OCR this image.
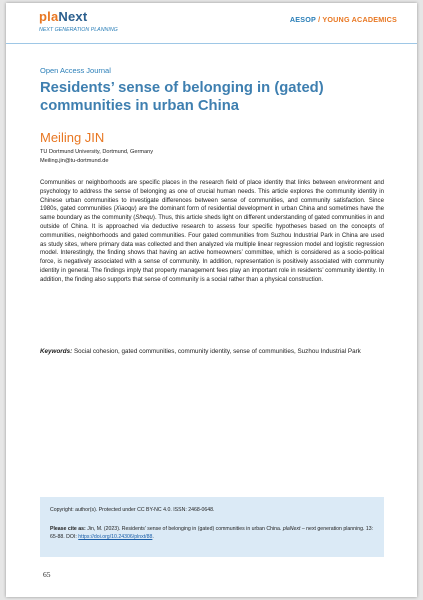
plaNext
NEXT GENERATION PLANNING
AESOP / YOUNG ACADEMICS
Open Access Journal
Residents’ sense of belonging in (gated)
communities in urban China
Meiling JIN
TU Dortmund University, Dortmund, Germany
Meiling.jin@tu-dortmund.de
Communities or neighborhoods are specific places in the research field of place identity that links between environment and psychology to address the sense of belonging as one of crucial human needs. This article explores the community identity in Chinese urban communities to investigate differences between sense of communities, and community satisfaction. Since 1980s, gated communities (Xiaoqu) are the dominant form of residential development in urban China and sometimes have the same boundary as the community (Shequ). Thus, this article sheds light on different understanding of gated communities in and outside of China. It is approached via deductive research to assess four specific hypotheses based on the concepts of communities, neighborhoods and gated communities. Four gated communities from Suzhou Industrial Park in China are used as study sites, where primary data was collected and then analyzed via multiple linear regression model and logistic regression model. Interestingly, the finding shows that having an active homeowners’ committee, which is considered as a socio-political force, is negatively associated with a sense of community. In addition, representation is positively associated with community identity in general. The findings imply that property management fees play an important role in residents’ community identity. In addition, the finding also supports that sense of community is a social rather than a physical construction.
Keywords: Social cohesion, gated communities, community identity, sense of communities, Suzhou Industrial Park
Copyright: author(s). Protected under CC BY-NC 4.0. ISSN: 2468-0648.
Please cite as: Jin, M. (2023). Residents’ sense of belonging in (gated) communities in urban China. plaNext – next generation planning. 13: 65-88. DOI: https://doi.org/10.24306/plnxt/88.
65
